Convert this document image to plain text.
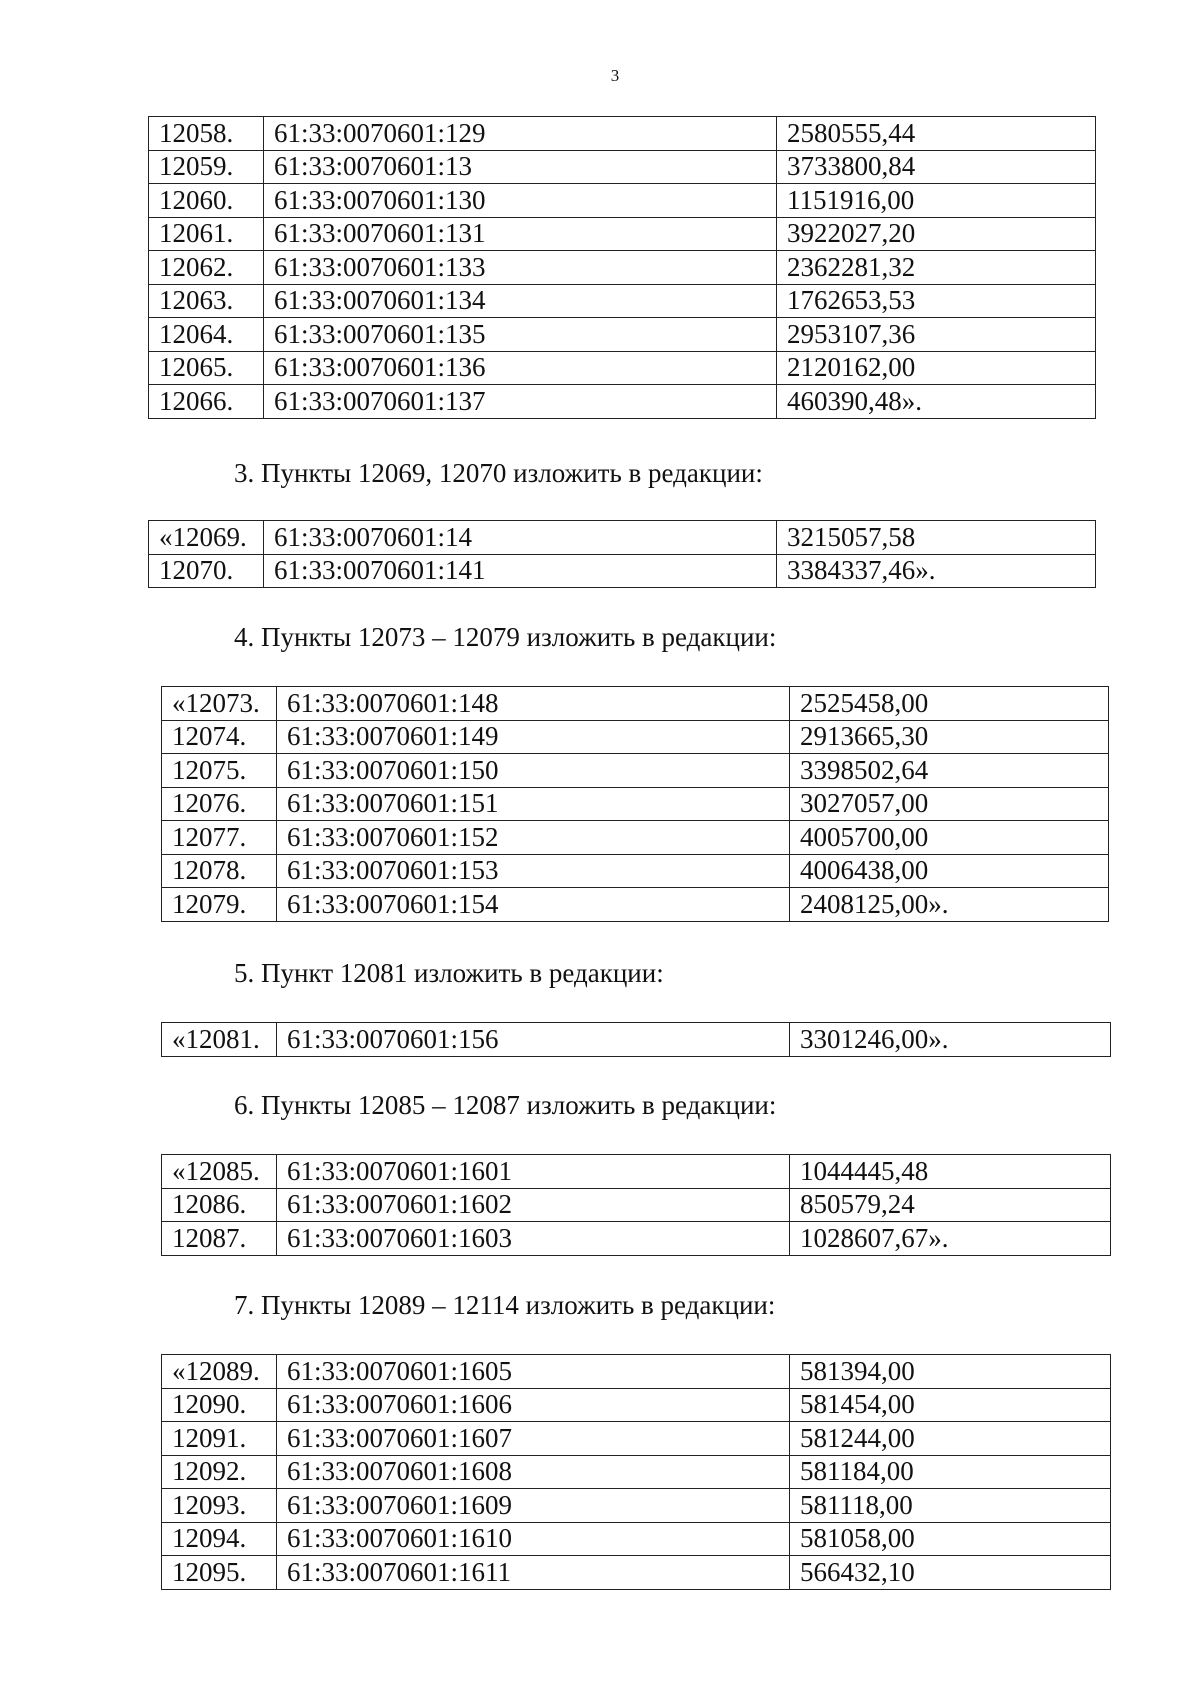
3
12058.	61:33:0070601:129	2580555,44
12059.	61:33:0070601:13	3733800,84
12060.	61:33:0070601:130	1151916,00
12061.	61:33:0070601:131	3922027,20
12062.	61:33:0070601:133	2362281,32
12063.	61:33:0070601:134	1762653,53
12064.	61:33:0070601:135	2953107,36
12065.	61:33:0070601:136	2120162,00
12066.	61:33:0070601:137	460390,48».
3. Пункты 12069, 12070 изложить в редакции:
«12069.	61:33:0070601:14	3215057,58
12070.	61:33:0070601:141	3384337,46».
4. Пункты 12073 – 12079 изложить в редакции:
«12073.	61:33:0070601:148	2525458,00
12074.	61:33:0070601:149	2913665,30
12075.	61:33:0070601:150	3398502,64
12076.	61:33:0070601:151	3027057,00
12077.	61:33:0070601:152	4005700,00
12078.	61:33:0070601:153	4006438,00
12079.	61:33:0070601:154	2408125,00».
5. Пункт 12081 изложить в редакции:
«12081.	61:33:0070601:156	3301246,00».
6. Пункты 12085 – 12087 изложить в редакции:
«12085.	61:33:0070601:1601	1044445,48
12086.	61:33:0070601:1602	850579,24
12087.	61:33:0070601:1603	1028607,67».
7. Пункты 12089 – 12114 изложить в редакции:
«12089.	61:33:0070601:1605	581394,00
12090.	61:33:0070601:1606	581454,00
12091.	61:33:0070601:1607	581244,00
12092.	61:33:0070601:1608	581184,00
12093.	61:33:0070601:1609	581118,00
12094.	61:33:0070601:1610	581058,00
12095.	61:33:0070601:1611	566432,10
